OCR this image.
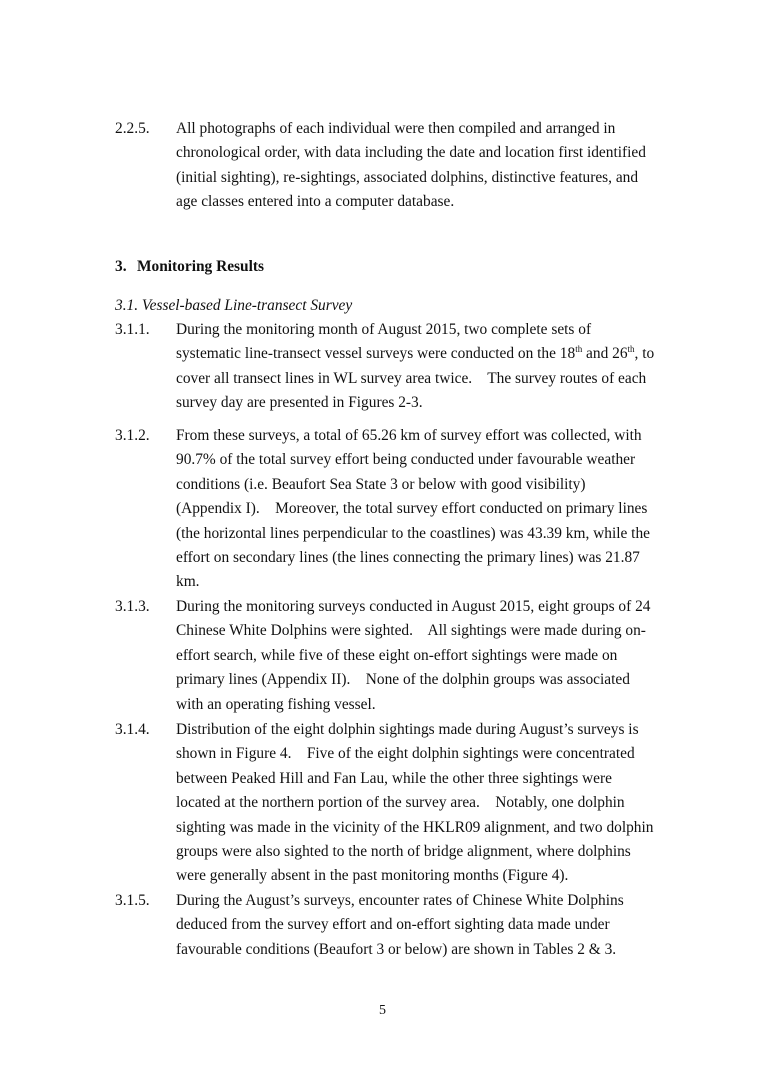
2.2.5. All photographs of each individual were then compiled and arranged in chronological order, with data including the date and location first identified (initial sighting), re-sightings, associated dolphins, distinctive features, and age classes entered into a computer database.
3. Monitoring Results
3.1. Vessel-based Line-transect Survey
3.1.1. During the monitoring month of August 2015, two complete sets of systematic line-transect vessel surveys were conducted on the 18th and 26th, to cover all transect lines in WL survey area twice.    The survey routes of each survey day are presented in Figures 2-3.
3.1.2. From these surveys, a total of 65.26 km of survey effort was collected, with 90.7% of the total survey effort being conducted under favourable weather conditions (i.e. Beaufort Sea State 3 or below with good visibility) (Appendix I).    Moreover, the total survey effort conducted on primary lines (the horizontal lines perpendicular to the coastlines) was 43.39 km, while the effort on secondary lines (the lines connecting the primary lines) was 21.87 km.
3.1.3. During the monitoring surveys conducted in August 2015, eight groups of 24 Chinese White Dolphins were sighted.    All sightings were made during on-effort search, while five of these eight on-effort sightings were made on primary lines (Appendix II).    None of the dolphin groups was associated with an operating fishing vessel.
3.1.4. Distribution of the eight dolphin sightings made during August’s surveys is shown in Figure 4.    Five of the eight dolphin sightings were concentrated between Peaked Hill and Fan Lau, while the other three sightings were located at the northern portion of the survey area.    Notably, one dolphin sighting was made in the vicinity of the HKLR09 alignment, and two dolphin groups were also sighted to the north of bridge alignment, where dolphins were generally absent in the past monitoring months (Figure 4).
3.1.5. During the August’s surveys, encounter rates of Chinese White Dolphins deduced from the survey effort and on-effort sighting data made under favourable conditions (Beaufort 3 or below) are shown in Tables 2 & 3.
5
